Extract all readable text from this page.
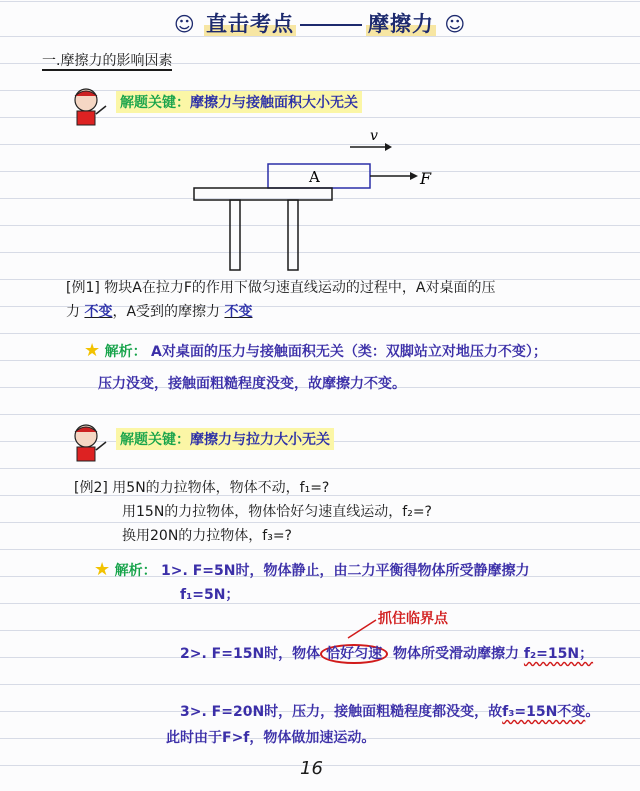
☺ 直击考点	摩擦力 ☺
一.摩擦力的影响因素
解题关键：摩擦力与接触面积大小无关
v
A	F
[例1] 物块A在拉力F的作用下做匀速直线运动的过程中，A对桌面的压
力 不变，A受到的摩擦力 不变
★ 解析： A对桌面的压力与接触面积无关（类：双脚站立对地压力不变）；
压力没变，接触面粗糙程度没变，故摩擦力不变。
解题关键：摩擦力与拉力大小无关
[例2] 用5N的力拉物体，物体不动，f₁=?
用15N的力拉物体，物体恰好匀速直线运动，f₂=?
换用20N的力拉物体，f₃=?
★ 解析： 1>. F=5N时，物体静止，由二力平衡得物体所受静摩擦力
f₁=5N；
抓住临界点
2>. F=15N时，物体 恰好匀速 物体所受滑动摩擦力 f₂=15N；
3>. F=20N时，压力，接触面粗糙程度都没变，故f₃=15N不变。
此时由于F>f，物体做加速运动。
16
